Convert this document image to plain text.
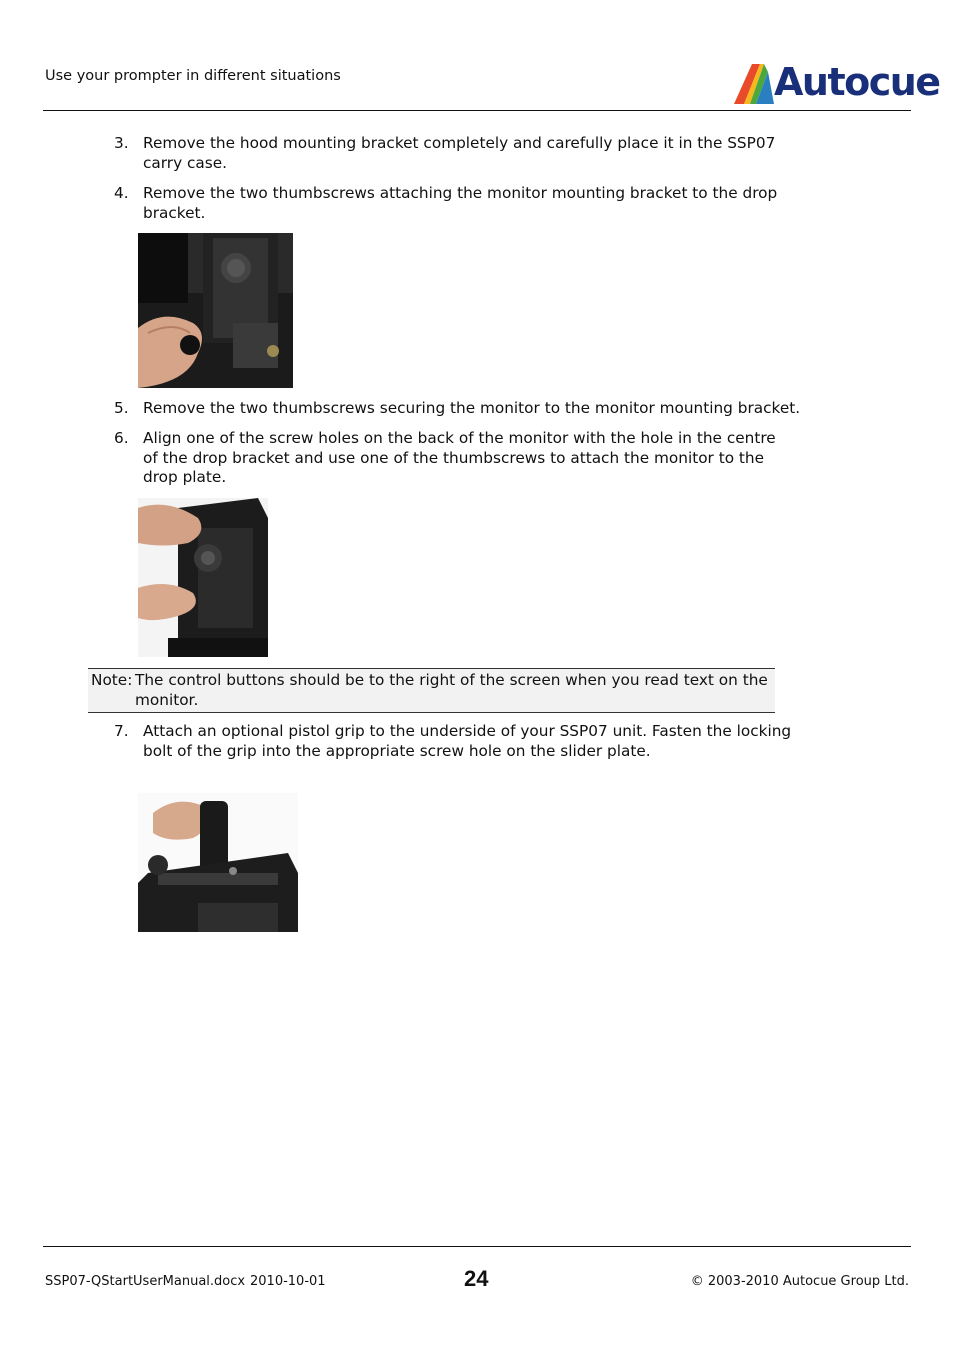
Use your prompter in different situations	Autocue
3. Remove the hood mounting bracket completely and carefully place it in the SSP07
carry case.
4. Remove the two thumbscrews attaching the monitor mounting bracket to the drop
bracket.
5. Remove the two thumbscrews securing the monitor to the monitor mounting bracket.
6. Align one of the screw holes on the back of the monitor with the hole in the centre
of the drop bracket and use one of the thumbscrews to attach the monitor to the
drop plate.
Note: The control buttons should be to the right of the screen when you read text on the
monitor.
7. Attach an optional pistol grip to the underside of your SSP07 unit. Fasten the locking
bolt of the grip into the appropriate screw hole on the slider plate.
SSP07-QStartUserManual.docx 2010-10-01	24	© 2003-2010 Autocue Group Ltd.
